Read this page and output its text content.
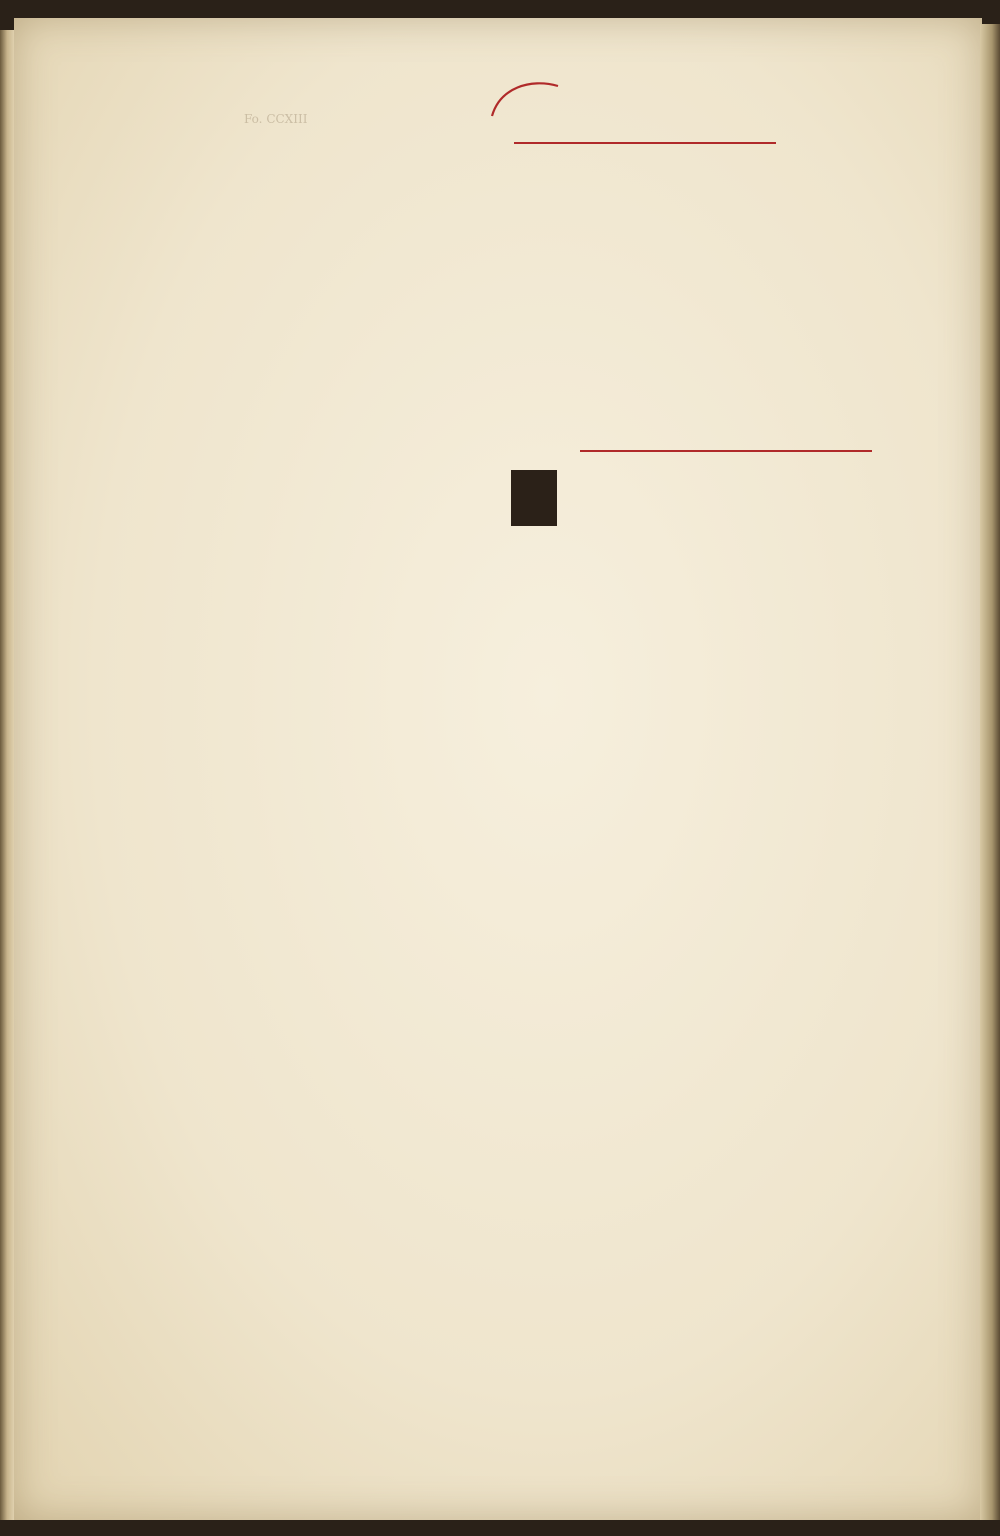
Fo. CCXIII
